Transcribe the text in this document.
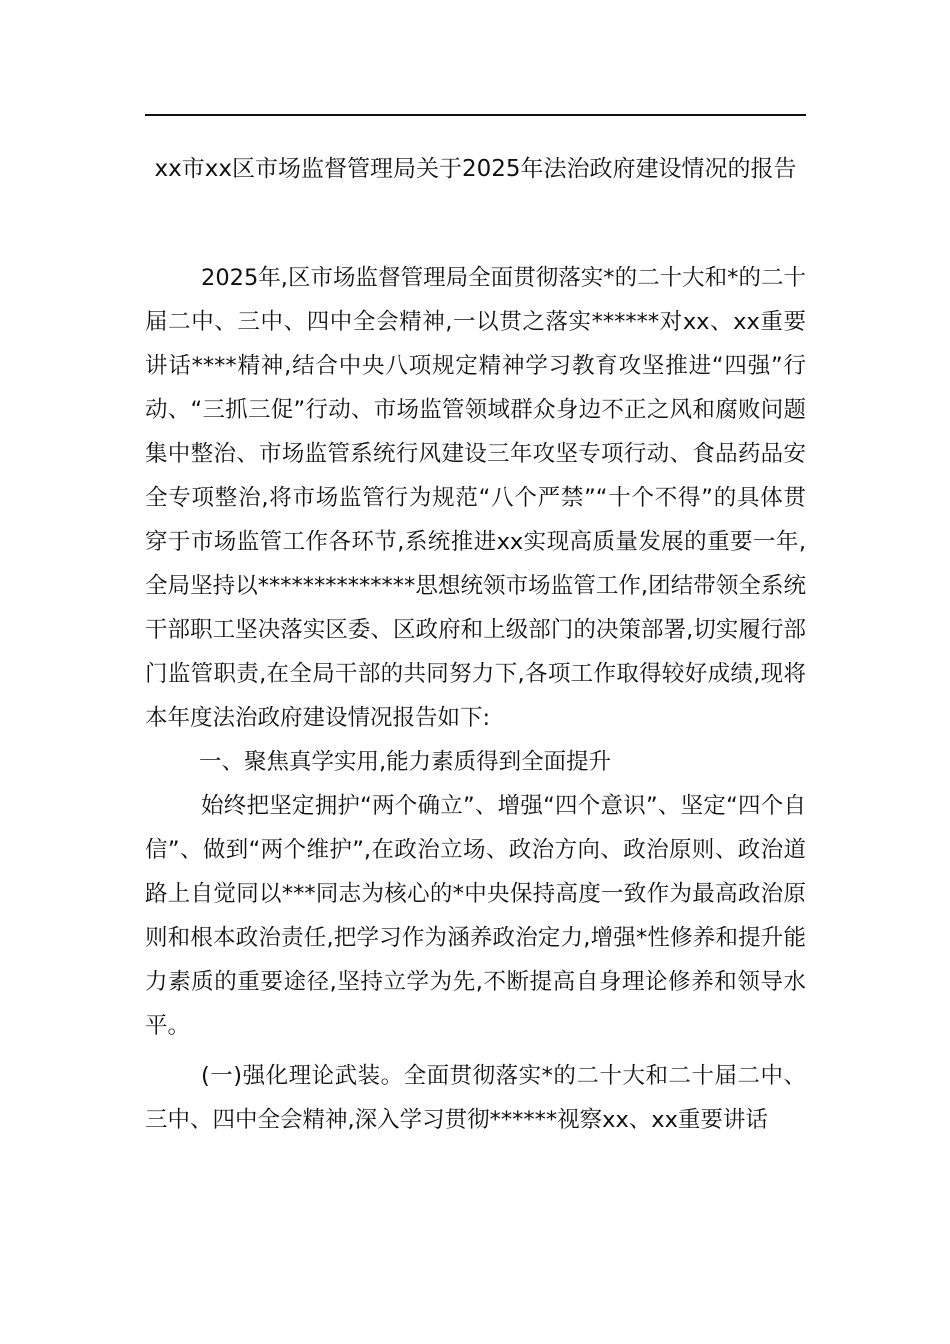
xx市xx区市场监督管理局关于2025年法治政府建设情况的报告

2025年,区市场监督管理局全面贯彻落实*的二十大和*的二十届二中、三中、四中全会精神,一以贯之落实******对xx、xx重要讲话****精神,结合中央八项规定精神学习教育攻坚推进“四强”行动、“三抓三促”行动、市场监管领域群众身边不正之风和腐败问题集中整治、市场监管系统行风建设三年攻坚专项行动、食品药品安全专项整治,将市场监管行为规范“八个严禁”“十个不得”的具体贯穿于市场监管工作各环节,系统推进xx实现高质量发展的重要一年,全局坚持以**************思想统领市场监管工作,团结带领全系统干部职工坚决落实区委、区政府和上级部门的决策部署,切实履行部门监管职责,在全局干部的共同努力下,各项工作取得较好成绩,现将本年度法治政府建设情况报告如下:

一、聚焦真学实用,能力素质得到全面提升

始终把坚定拥护“两个确立”、增强“四个意识”、坚定“四个自信”、做到“两个维护”,在政治立场、政治方向、政治原则、政治道路上自觉同以***同志为核心的*中央保持高度一致作为最高政治原则和根本政治责任,把学习作为涵养政治定力,增强*性修养和提升能力素质的重要途径,坚持立学为先,不断提高自身理论修养和领导水平。

(一)强化理论武装。全面贯彻落实*的二十大和二十届二中、三中、四中全会精神,深入学习贯彻******视察xx、xx重要讲话
